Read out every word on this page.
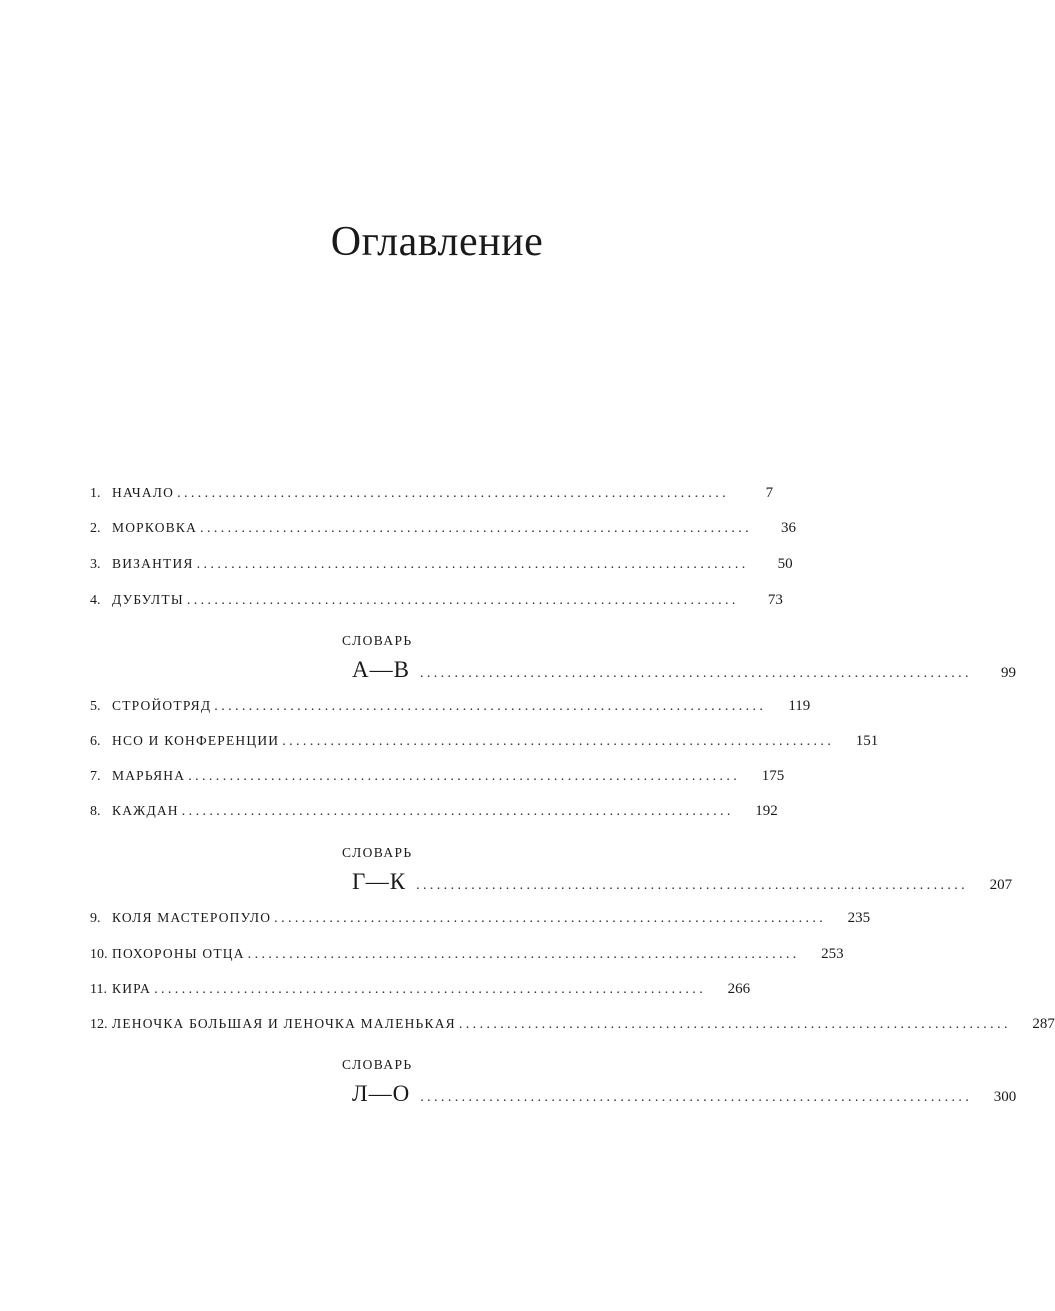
Оглавление
1. НАЧАЛО ................................................................................	7
2. МОРКОВКА ................................................................................	36
3. ВИЗАНТИЯ ................................................................................	50
4. ДУБУЛТЫ ................................................................................	73
СЛОВАРЬ
А—В ................................................................................	99
5. СТРОЙОТРЯД ................................................................................	119
6. НСО И КОНФЕРЕНЦИИ ................................................................................	151
7. МАРЬЯНА ................................................................................	175
8. КАЖДАН ................................................................................	192
СЛОВАРЬ
Г—К ................................................................................	207
9. КОЛЯ МАСТЕРОПУЛО ................................................................................	235
10. ПОХОРОНЫ ОТЦА ................................................................................	253
11. КИРА ................................................................................	266
12. ЛЕНОЧКА БОЛЬШАЯ И ЛЕНОЧКА МАЛЕНЬКАЯ ................................................................................	287
СЛОВАРЬ
Л—О ................................................................................	300
